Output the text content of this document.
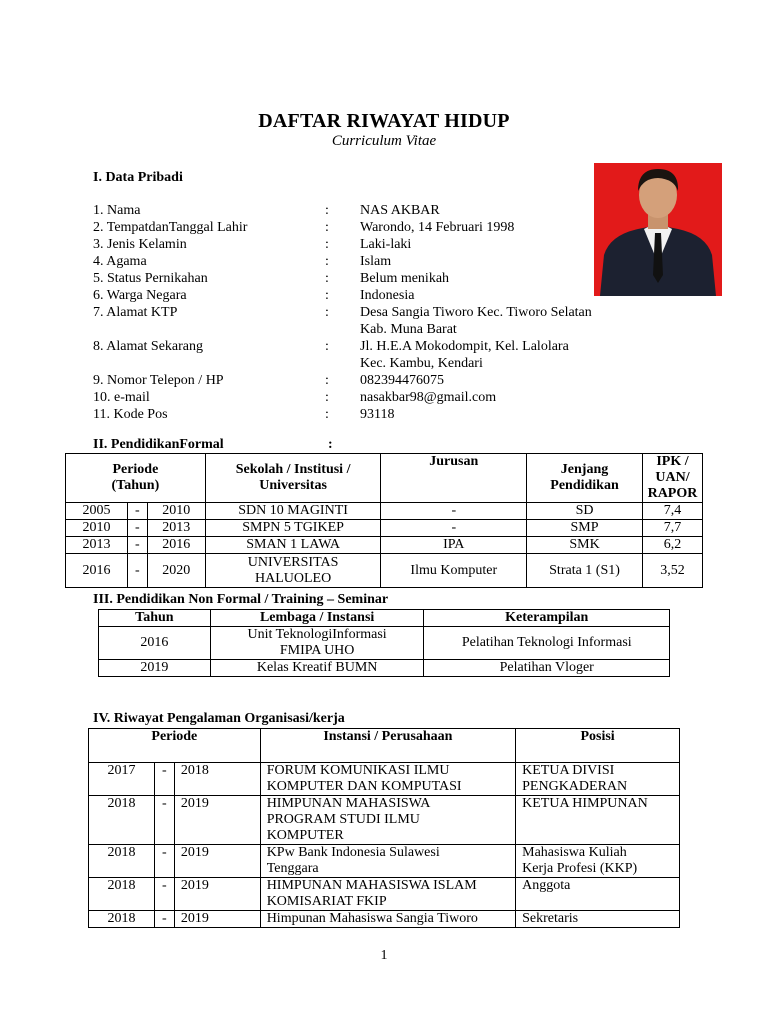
DAFTAR RIWAYAT HIDUP
Curriculum Vitae
I. Data Pribadi
1. Nama	: NAS AKBAR
2. TempatdanTanggal Lahir	: Warondo, 14 Februari 1998
3. Jenis Kelamin	: Laki-laki
4. Agama	: Islam
5. Status Pernikahan	: Belum menikah
6. Warga Negara	: Indonesia
7. Alamat KTP	: Desa Sangia Tiworo Kec. Tiworo Selatan
Kab. Muna Barat
8. Alamat Sekarang	: Jl. H.E.A Mokodompit, Kel. Lalolara
Kec. Kambu, Kendari
9. Nomor Telepon / HP	: 082394476075
10. e-mail	: nasakbar98@gmail.com
11. Kode Pos	: 93118
II. PendidikanFormal	:
Periode
(Tahun)			Sekolah / Institusi /
Universitas	Jurusan	Jenjang
Pendidikan	IPK / UAN/
RAPOR
2005	-	2010	SDN 10 MAGINTI	-	SD	7,4
2010	-	2013	SMPN 5 TGIKEP	-	SMP	7,7
2013	-	2016	SMAN 1 LAWA	IPA	SMK	6,2
2016	-	2020	UNIVERSITAS
HALUOLEO	Ilmu Komputer	Strata 1 (S1)	3,52
III. Pendidikan Non Formal / Training – Seminar
Tahun	Lembaga / Instansi	Keterampilan
2016	Unit TeknologiInformasi
FMIPA UHO	Pelatihan Teknologi Informasi
2019	Kelas Kreatif BUMN	Pelatihan Vloger
IV. Riwayat Pengalaman Organisasi/kerja
Periode			Instansi / Perusahaan	Posisi
2017	-	2018	FORUM KOMUNIKASI ILMU
KOMPUTER DAN KOMPUTASI	KETUA DIVISI
PENGKADERAN
2018	-	2019	HIMPUNAN MAHASISWA
PROGRAM STUDI ILMU
KOMPUTER	KETUA HIMPUNAN
2018	-	2019	KPw Bank Indonesia Sulawesi
Tenggara	Mahasiswa Kuliah
Kerja Profesi (KKP)
2018	-	2019	HIMPUNAN MAHASISWA ISLAM
KOMISARIAT FKIP	Anggota
2018	-	2019	Himpunan Mahasiswa Sangia Tiworo	Sekretaris
1
